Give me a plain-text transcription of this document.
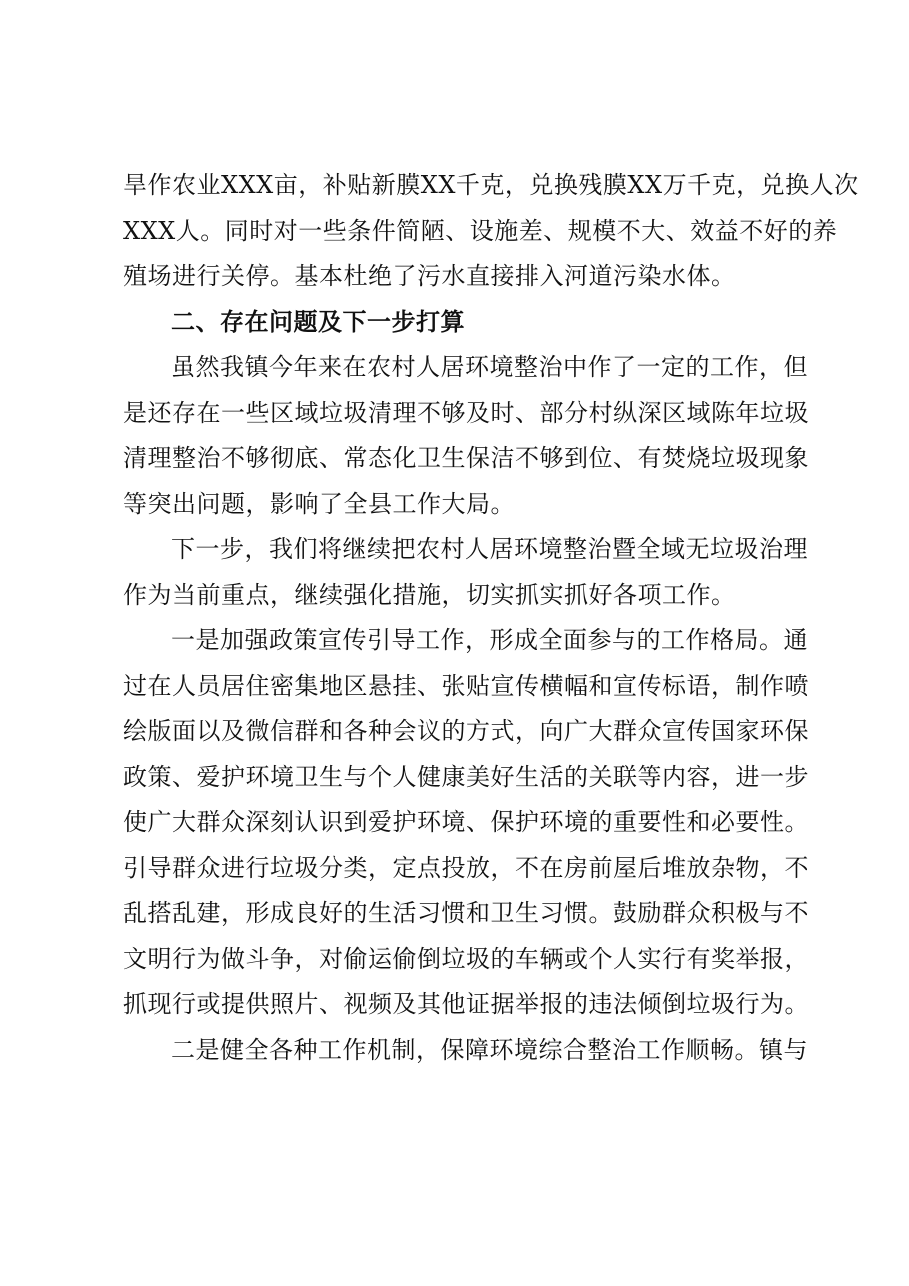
旱作农业XXX亩，补贴新膜XX千克，兑换残膜XX万千克，兑换人次
XXX人。同时对一些条件简陋、设施差、规模不大、效益不好的养
殖场进行关停。基本杜绝了污水直接排入河道污染水体。
二、存在问题及下一步打算
虽然我镇今年来在农村人居环境整治中作了一定的工作，但
是还存在一些区域垃圾清理不够及时、部分村纵深区域陈年垃圾
清理整治不够彻底、常态化卫生保洁不够到位、有焚烧垃圾现象
等突出问题，影响了全县工作大局。
下一步，我们将继续把农村人居环境整治暨全域无垃圾治理
作为当前重点，继续强化措施，切实抓实抓好各项工作。
一是加强政策宣传引导工作，形成全面参与的工作格局。通
过在人员居住密集地区悬挂、张贴宣传横幅和宣传标语，制作喷
绘版面以及微信群和各种会议的方式，向广大群众宣传国家环保
政策、爱护环境卫生与个人健康美好生活的关联等内容，进一步
使广大群众深刻认识到爱护环境、保护环境的重要性和必要性。
引导群众进行垃圾分类，定点投放，不在房前屋后堆放杂物，不
乱搭乱建，形成良好的生活习惯和卫生习惯。鼓励群众积极与不
文明行为做斗争，对偷运偷倒垃圾的车辆或个人实行有奖举报，
抓现行或提供照片、视频及其他证据举报的违法倾倒垃圾行为。
二是健全各种工作机制，保障环境综合整治工作顺畅。镇与
